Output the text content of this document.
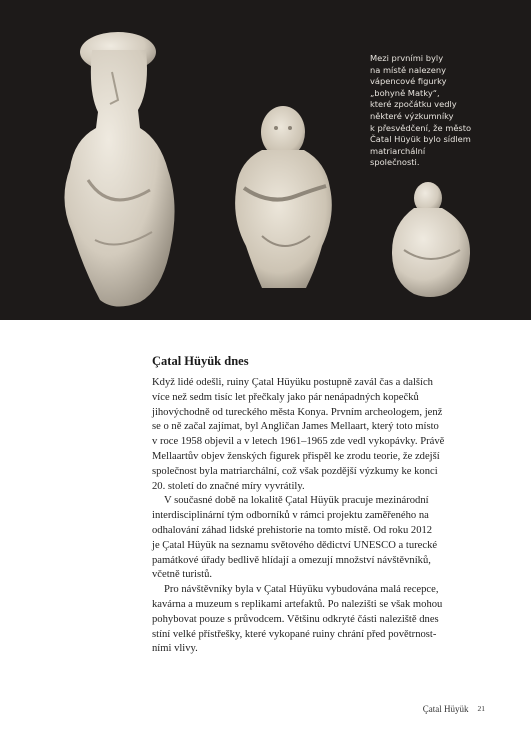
Mezi prvními byly
na místě nalezeny
vápencové figurky
„bohyně Matky“,
které zpočátku vedly
některé výzkumníky
k přesvědčení, že město
Čatal Hüyük bylo sídlem
matriarchální
společnosti.

Çatal Hüyük dnes

Když lidé odešli, ruiny Çatal Hüyüku postupně zavál čas a dalších
více než sedm tisíc let přečkaly jako pár nenápadných kopečků
jihovýchodně od tureckého města Konya. Prvním archeologem, jenž
se o ně začal zajímat, byl Angličan James Mellaart, který toto místo
v roce 1958 objevil a v letech 1961–1965 zde vedl vykopávky. Právě
Mellaartův objev ženských figurek přispěl ke zrodu teorie, že zdejší
společnost byla matriarchální, což však pozdější výzkumy ke konci
20. století do značné míry vyvrátily.

V současné době na lokalitě Çatal Hüyük pracuje mezinárodní
interdisciplinární tým odborníků v rámci projektu zaměřeného na
odhalování záhad lidské prehistorie na tomto místě. Od roku 2012
je Çatal Hüyük na seznamu světového dědictví UNESCO a turecké
památkové úřady bedlivě hlídají a omezují množství návštěvníků,
včetně turistů.

Pro návštěvníky byla v Çatal Hüyüku vybudována malá recepce,
kavárna a muzeum s replikami artefaktů. Po nalezišti se však mohou
pohybovat pouze s průvodcem. Většinu odkryté části naleziště dnes
stíní velké přístřešky, které vykopané ruiny chrání před povětrnost-
ními vlivy.

Çatal Hüyük 21
